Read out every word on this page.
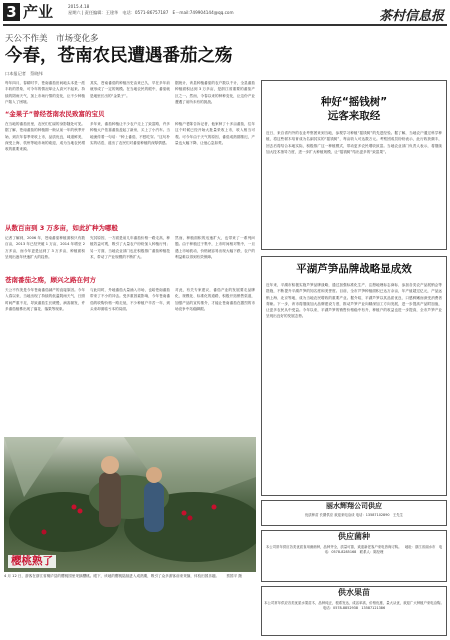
3 产业	2015.4.18
星期六 | 责任编辑：王建华　电话：0571-86757187　E－mail:749904144@qq.com	茶村信息报
天公不作美　市场变化多
今春，苍南农民遭遇番茄之殇
口本报记者　蔡晓纬
每年四月，春耕时节，苍南番茄田间地头本是一派丰收的景象，可今年的情况却让人高兴不起来。持续的阴雨天气，加上市场行情的变化，让不少种植户陷入了困境。
其实，苍南番茄的种植历史由来已久，早在多年前就形成了一定的规模。在当地农民的眼中，番茄就是地里长出的“金果子”。
据统计，该县种植番茄的农户数以千计，全县番茄种植面积达到 3 万多亩，是浙江省重要的番茄产区之一。然而，今春以来的种种变化，让这份产业遭遇了前所未有的挑战。
“金果子”曾经苍南农民致富的宝贝
在当地的番茄田里，农民们忙碌的身影随处可见。据了解，苍南番茄的种植期一般从前一年的秋季开始，到次年春季采收上市，品质优良，味道鲜美，深受上海、杭州等地市场的欢迎，成为当地农民增收的重要来源。
多年来，番茄种植让不少农户走上了致富路，许多种植大户依靠番茄盖起了新房，买上了小汽车。当地流传着一句话：“种上番茄，不愁吃穿。”这句朴实的话语，道出了农民们对番茄种植的深厚情感。
种植户老陈告诉记者，他家种了十多亩番茄，往年这个时候已经开始大批量采收上市，收入相当可观。可今年由于天气的原因，番茄成熟期推迟，产量也大幅下降，让他心急如焚。
从数百亩到 3 万多亩，如此扩种为哪般
记者了解到，2006 年，苍南番茄种植面积只有数百亩，2013 年已经突破 1 万亩，2014 年增至 2 万多亩，而今年更是达到了 3 万多亩，种植面积呈现出逐年快速扩大的趋势。
究其原因，一方面是前几年番茄价格一路走高，种植效益可观，吸引了大量农户纷纷加入种植行列；另一方面，当地农业部门也在积极推广番茄种植技术，带动了产业规模的不断扩大。
然而，种植面积的迅速扩大，也带来了一系列问题。由于种植过于集中，上市时间相对集中，一旦遇上市场波动，价格就容易出现大幅下跌，农户的利益难以得到有效保障。
苍南番茄之殇，顾兴之路在何方
天公不作美是今年苍南番茄减产的直接原因。今年入春以来，当地出现了持续的低温阴雨天气，日照时间严重不足，导致番茄生长缓慢，病害频发，许多番茄植株出现了落花、落果等现象。
与此同时，外地番茄大量涌入市场，也给苍南番茄带来了不小的冲击。受多重因素影响，今年苍南番茄的收购价格一路走低，不少种植户辛苦一年，到头来却面临亏本的局面。
对此，有关专家建议，番茄产业的发展要走品牌化、规模化、标准化的道路，积极开拓销售渠道，加强产品的宣传推介，才能让苍南番茄在激烈的市场竞争中站稳脚跟。
樱桃熟了
4 月 12 日，游客在浙江省桐庐县的樱桃园里采摘樱桃。眼下，该地的樱桃陆续进入成熟期，吸引了众多游客前来采摘，体验田园乐趣。　　蔡国平 摄
种好“摇钱树”
远客来取经
近日，来自省内外的农业考察团来到当地，参观学习种植“摇钱树”的先进经验。据了解，当地农户通过科学种植，将这些树木培育成为名副其实的“摇钱树”，每亩收入可达数万元。考察团成员纷纷表示，此行收获颇丰，回去后将结合本地实际，积极推广这一种植模式，带动更多农民增收致富。当地农业部门负责人表示，将继续加大技术指导力度，进一步扩大种植规模，让“摇钱树”结出更多的“致富果”。
平湖芦笋品牌战略显成效
近年来，平湖市积极实施芦笋品牌战略，通过加强标准化生产、注册地理标志商标、参加各类农产品展销会等措施，不断提升平湖芦笋的知名度和美誉度。目前，全市芦笋种植面积已达万余亩，年产值超过亿元，产品远销上海、北京等地，成为当地农民增收的重要产业。据介绍，平湖芦笋以其品质优良、口感鲜嫩而深受消费者青睐。下一步，该市将继续加大品牌建设力度，推动芦笋产业向精深加工方向发展，进一步提高产品附加值，让更多农民从中受益。今年以来，平湖芦笋的销售价格稳中有升，种植户的收益也进一步提高，全市芦笋产业呈现出良好的发展态势。
丽水辉翔公司供应
优质种苗 长期供应 欢迎来电洽谈 电话：13587102890　王先生
供应菌种
本公司常年供应各类优质食用菌菌种，品种齐全，质量可靠，欢迎新老客户来电咨询订购。　地址：浙江省丽水市　电话：0578-8285168　联系人：陈经理
供水果苗
本公司常年供应各类优质水果苗木，品种纯正，根系发达，成活率高，价格优惠，量大从优，欢迎广大种植户来电洽购。　电话：0578-8852938　13587121386
